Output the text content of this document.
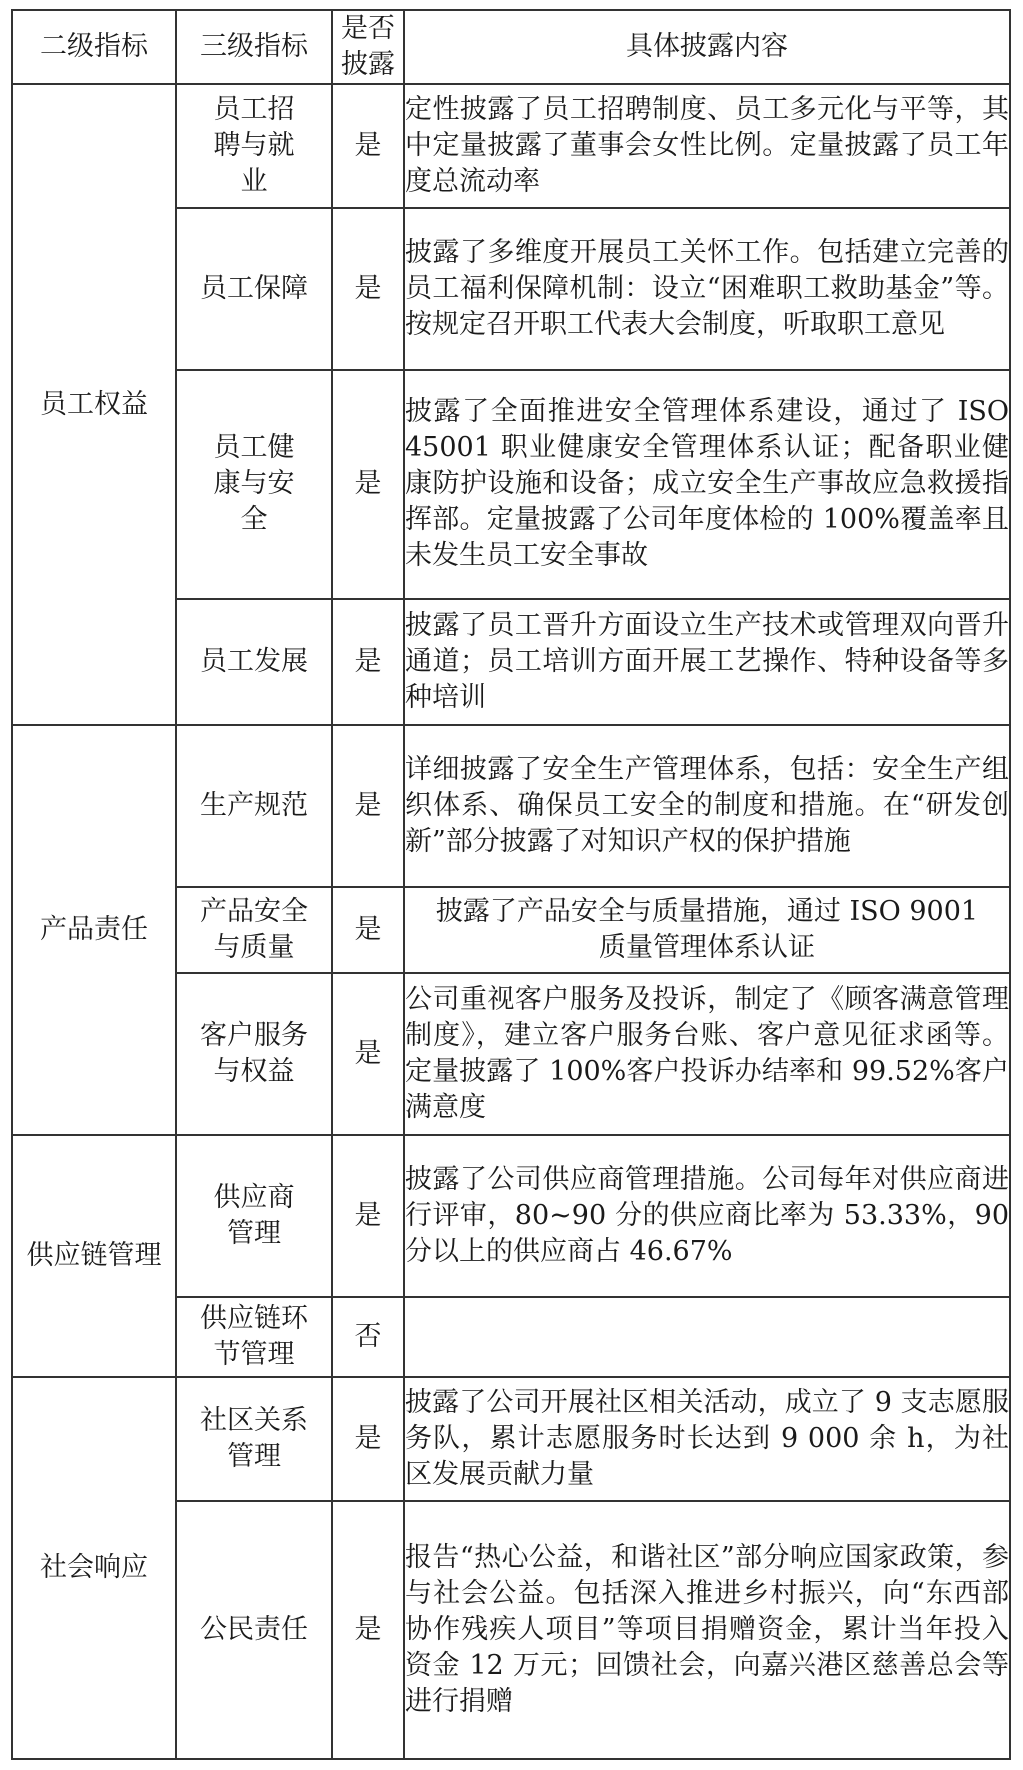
二级指标	三级指标	是否披露	具体披露内容
员工权益	员工招聘与就业	是	定性披露了员工招聘制度、员工多元化与平等，其中定量披露了董事会女性比例。定量披露了员工年度总流动率
	员工保障	是	披露了多维度开展员工关怀工作。包括建立完善的员工福利保障机制：设立“困难职工救助基金”等。按规定召开职工代表大会制度，听取职工意见
	员工健康与安全	是	披露了全面推进安全管理体系建设，通过了 ISO 45001 职业健康安全管理体系认证；配备职业健康防护设施和设备；成立安全生产事故应急救援指挥部。定量披露了公司年度体检的 100%覆盖率且未发生员工安全事故
	员工发展	是	披露了员工晋升方面设立生产技术或管理双向晋升通道；员工培训方面开展工艺操作、特种设备等多种培训
产品责任	生产规范	是	详细披露了安全生产管理体系，包括：安全生产组织体系、确保员工安全的制度和措施。在“研发创新”部分披露了对知识产权的保护措施
	产品安全与质量	是	披露了产品安全与质量措施，通过 ISO 9001 质量管理体系认证
	客户服务与权益	是	公司重视客户服务及投诉，制定了《顾客满意管理制度》，建立客户服务台账、客户意见征求函等。定量披露了 100%客户投诉办结率和 99.52%客户满意度
供应链管理	供应商管理	是	披露了公司供应商管理措施。公司每年对供应商进行评审，80~90 分的供应商比率为 53.33%，90 分以上的供应商占 46.67%
	供应链环节管理	否	
社会响应	社区关系管理	是	披露了公司开展社区相关活动，成立了 9 支志愿服务队，累计志愿服务时长达到 9 000 余 h，为社区发展贡献力量
	公民责任	是	报告“热心公益，和谐社区”部分响应国家政策，参与社会公益。包括深入推进乡村振兴，向“东西部协作残疾人项目”等项目捐赠资金，累计当年投入资金 12 万元；回馈社会，向嘉兴港区慈善总会等进行捐赠
